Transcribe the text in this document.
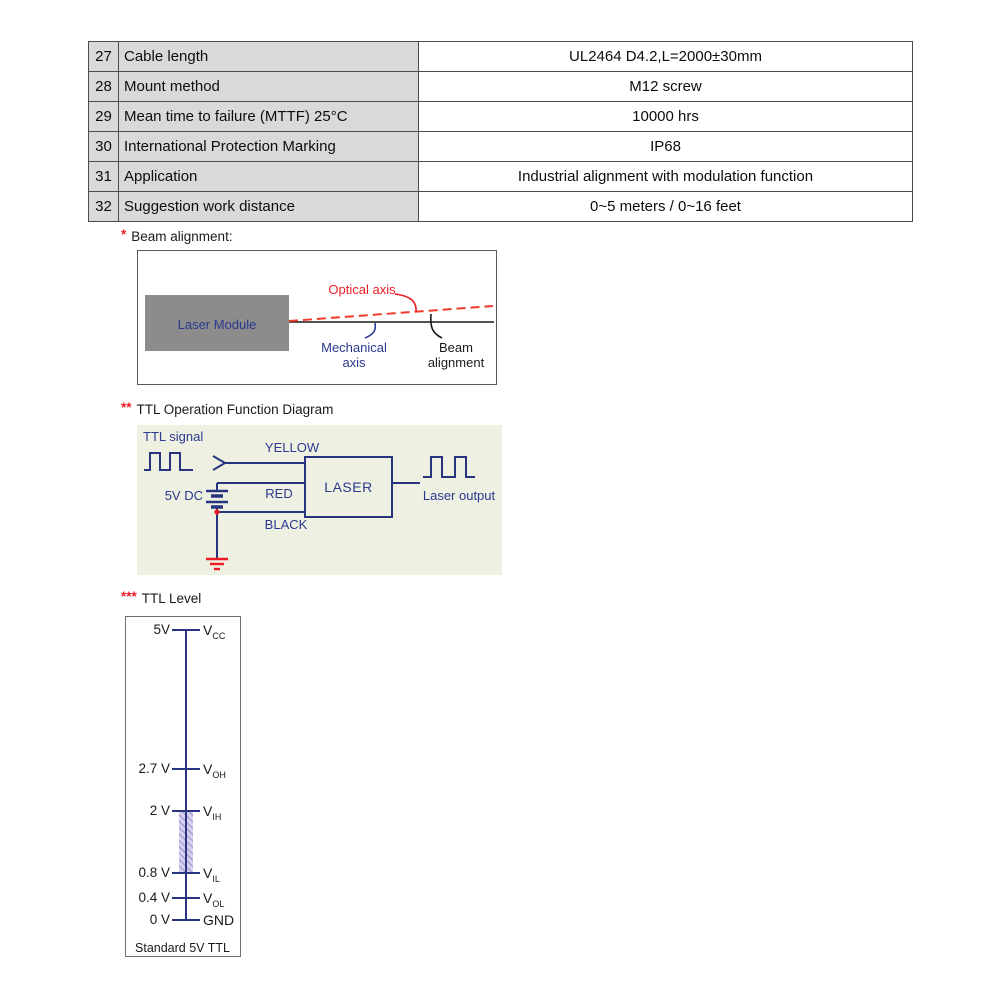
27	Cable length	UL2464 D4.2,L=2000±30mm
28	Mount method	M12 screw
29	Mean time to failure (MTTF) 25°C	10000 hrs
30	International Protection Marking	IP68
31	Application	Industrial alignment with modulation function
32	Suggestion work distance	0~5 meters / 0~16 feet
* Beam alignment:
Laser Module
Optical axis
Mechanical
axis
Beam
alignment
** TTL Operation Function Diagram
TTL signal
5V DC
YELLOW
RED
BLACK
LASER
Laser output
*** TTL Level
5V $V_{CC}$
2.7 V $V_{OH}$
2 V $V_{IH}$
0.8 V $V_{IL}$
0.4 V $V_{OL}$
0 V GND
Standard 5V TTL
